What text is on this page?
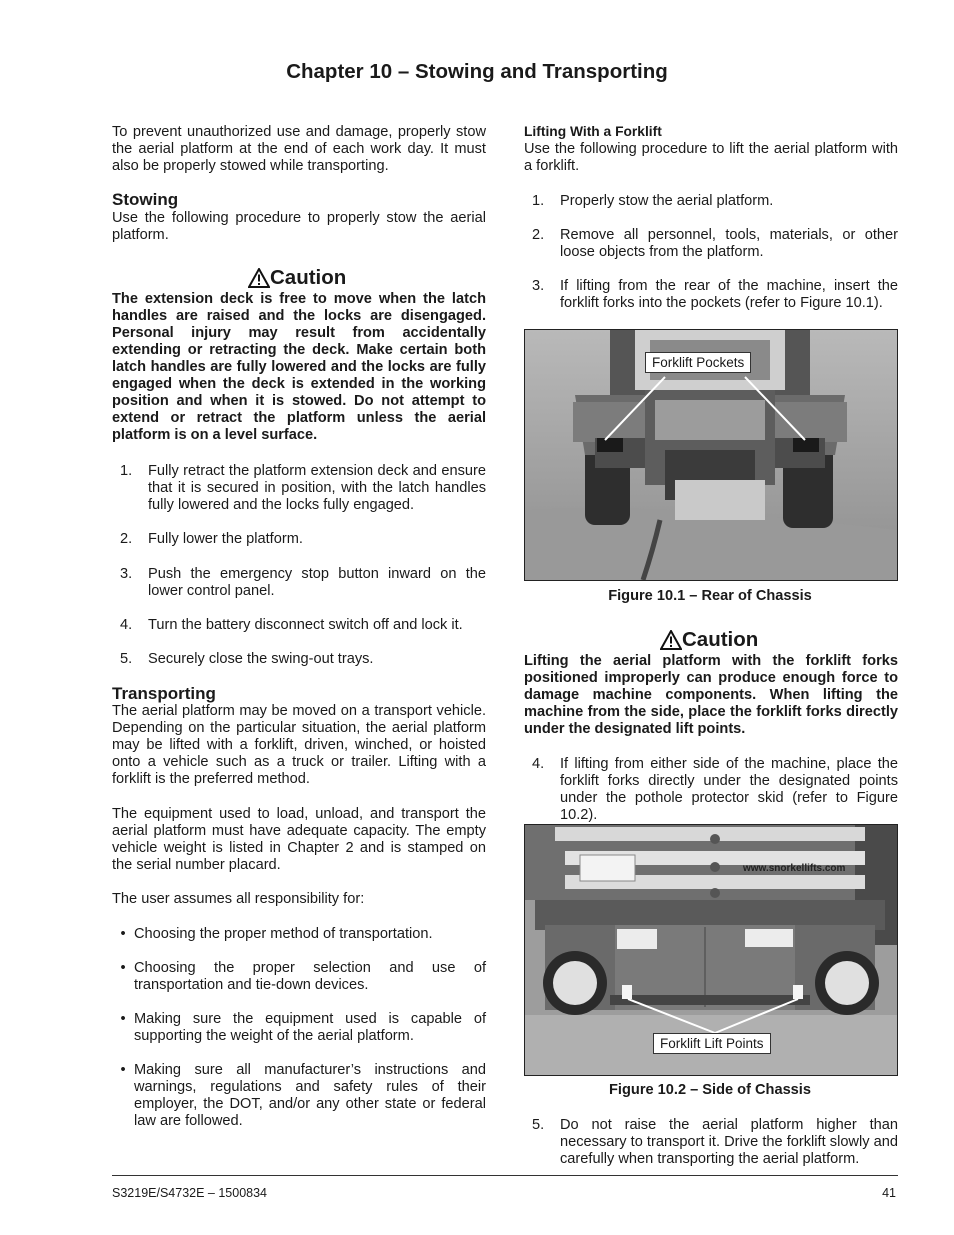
Chapter 10 – Stowing and Transporting
To prevent unauthorized use and damage, properly stow the aerial platform at the end of each work day. It must also be properly stowed while transporting.
Stowing
Use the following procedure to properly stow the aerial platform.
Caution
The extension deck is free to move when the latch handles are raised and the locks are disengaged. Personal injury may result from accidentally extending or retracting the deck. Make certain both latch handles are fully lowered and the locks are fully engaged when the deck is extended in the working position and when it is stowed. Do not attempt to extend or retract the platform unless the aerial platform is on a level surface.
1.	Fully retract the platform extension deck and ensure that it is secured in position, with the latch handles fully lowered and the locks fully engaged.
2.	Fully lower the platform.
3.	Push the emergency stop button inward on the lower control panel.
4.	Turn the battery disconnect switch off and lock it.
5.	Securely close the swing-out trays.
Transporting
The aerial platform may be moved on a transport vehicle. Depending on the particular situation, the aerial platform may be lifted with a forklift, driven, winched, or hoisted onto a vehicle such as a truck or trailer. Lifting with a forklift is the preferred method.
The equipment used to load, unload, and transport the aerial platform must have adequate capacity. The empty vehicle weight is listed in Chapter 2 and is stamped on the serial number placard.
The user assumes all responsibility for:
• Choosing the proper method of transportation.
• Choosing the proper selection and use of transportation and tie-down devices.
• Making sure the equipment used is capable of supporting the weight of the aerial platform.
• Making sure all manufacturer’s instructions and warnings, regulations and safety rules of their employer, the DOT, and/or any other state or federal law are followed.
Lifting With a Forklift
Use the following procedure to lift the aerial platform with a forklift.
1.	Properly stow the aerial platform.
2.	Remove all personnel, tools, materials, or other loose objects from the platform.
3.	If lifting from the rear of the machine, insert the forklift forks into the pockets (refer to Figure 10.1).
Forklift Pockets
Figure 10.1 – Rear of Chassis
Caution
Lifting the aerial platform with the forklift forks positioned improperly can produce enough force to damage machine components. When lifting the machine from the side, place the forklift forks directly under the designated lift points.
4.	If lifting from either side of the machine, place the forklift forks directly under the designated points under the pothole protector skid (refer to Figure 10.2).
www.snorkellifts.com
Forklift Lift Points
Figure 10.2 – Side of Chassis
5.	Do not raise the aerial platform higher than necessary to transport it. Drive the forklift slowly and carefully when transporting the aerial platform.
S3219E/S4732E – 1500834	41
